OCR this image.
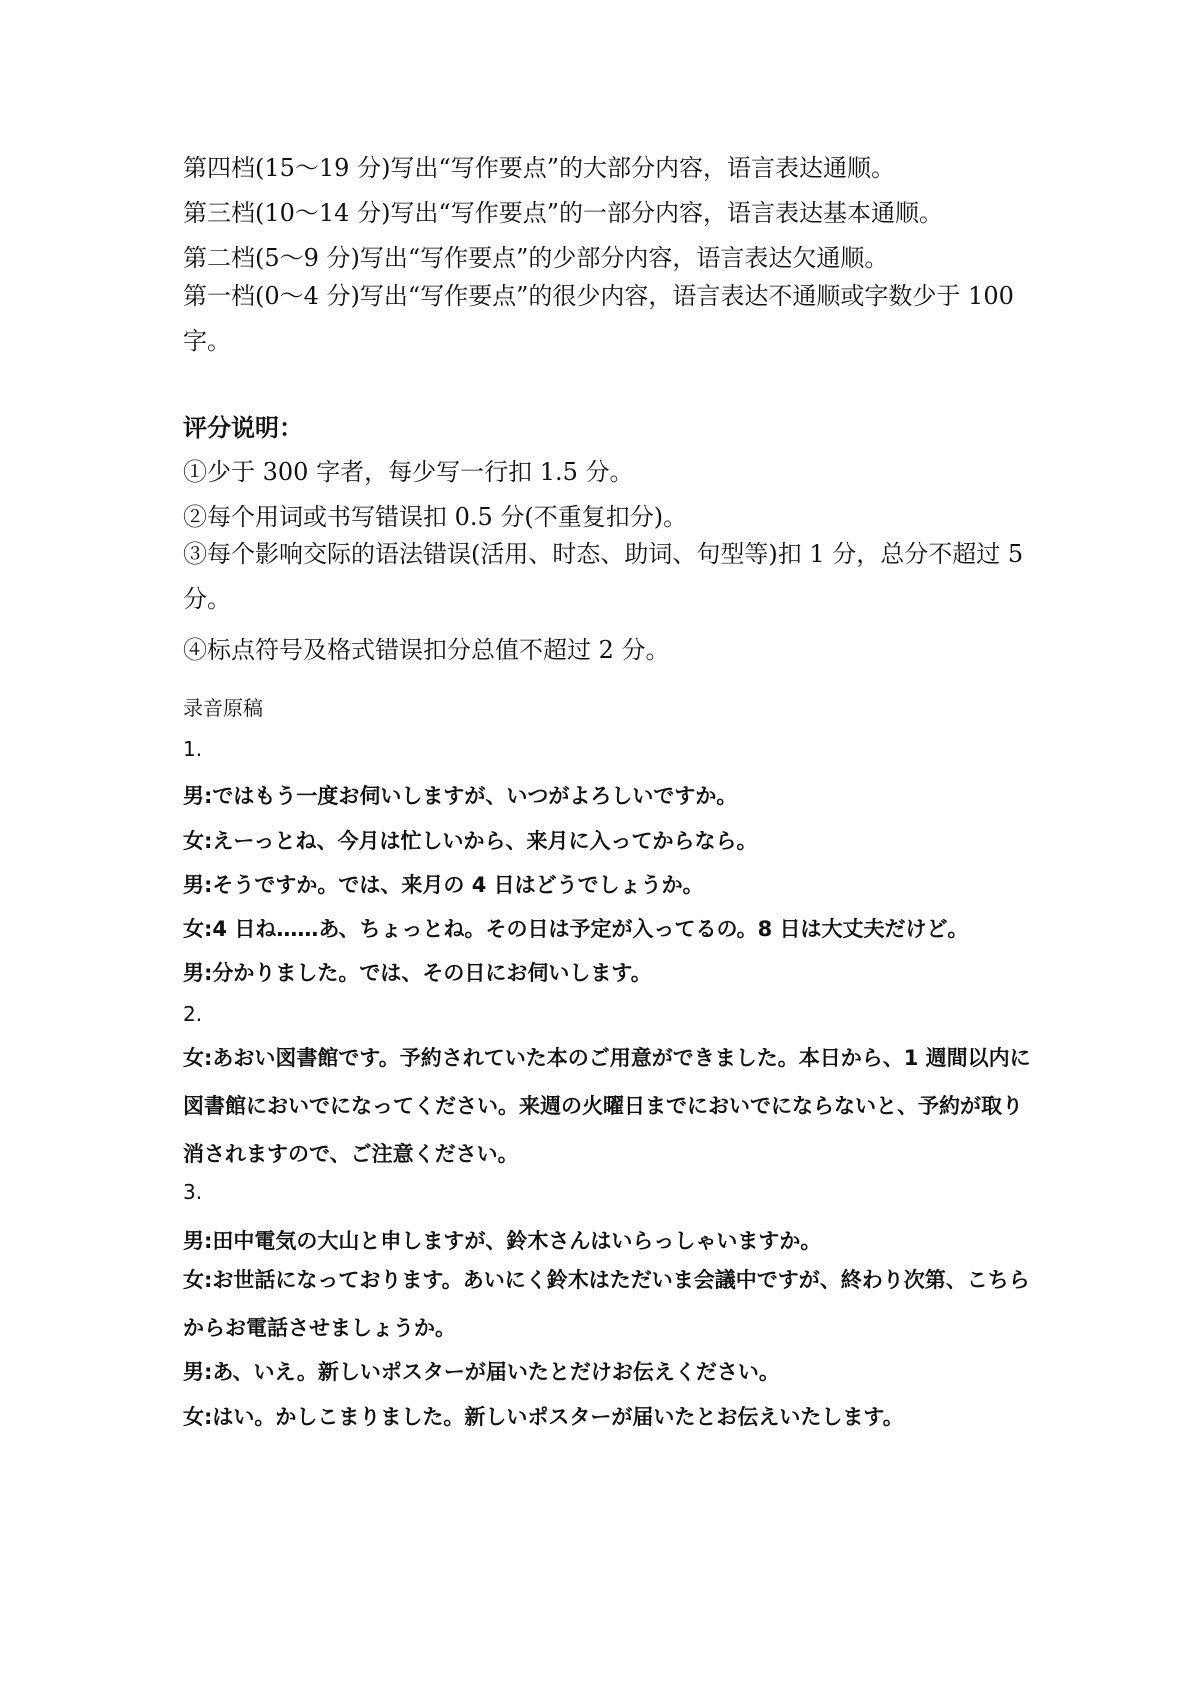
第四档(15～19 分)写出“写作要点”的大部分内容，语言表达通顺。
第三档(10～14 分)写出“写作要点”的一部分内容，语言表达基本通顺。
第二档(5～9 分)写出“写作要点”的少部分内容，语言表达欠通顺。
第一档(0～4 分)写出“写作要点”的很少内容，语言表达不通顺或字数少于 100 字。
评分说明：
①少于 300 字者，每少写一行扣 1.5 分。
②每个用词或书写错误扣 0.5 分(不重复扣分)。
③每个影响交际的语法错误(活用、时态、助词、句型等)扣 1 分，总分不超过 5 分。
④标点符号及格式错误扣分总值不超过 2 分。
录音原稿
1.
男:ではもう一度お伺いしますが、いつがよろしいですか。
女:えーっとね、今月は忙しいから、来月に入ってからなら。
男:そうですか。では、来月の 4 日はどうでしょうか。
女:4 日ね……あ、ちょっとね。その日は予定が入ってるの。8 日は大丈夫だけど。
男:分かりました。では、その日にお伺いします。
2.
女:あおい図書館です。予約されていた本のご用意ができました。本日から、1 週間以内に図書館においでになってください。来週の火曜日までにおいでにならないと、予約が取り消されますので、ご注意ください。
3.
男:田中電気の大山と申しますが、鈴木さんはいらっしゃいますか。
女:お世話になっております。あいにく鈴木はただいま会議中ですが、終わり次第、こちらからお電話させましょうか。
男:あ、いえ。新しいポスターが届いたとだけお伝えください。
女:はい。かしこまりました。新しいポスターが届いたとお伝えいたします。
